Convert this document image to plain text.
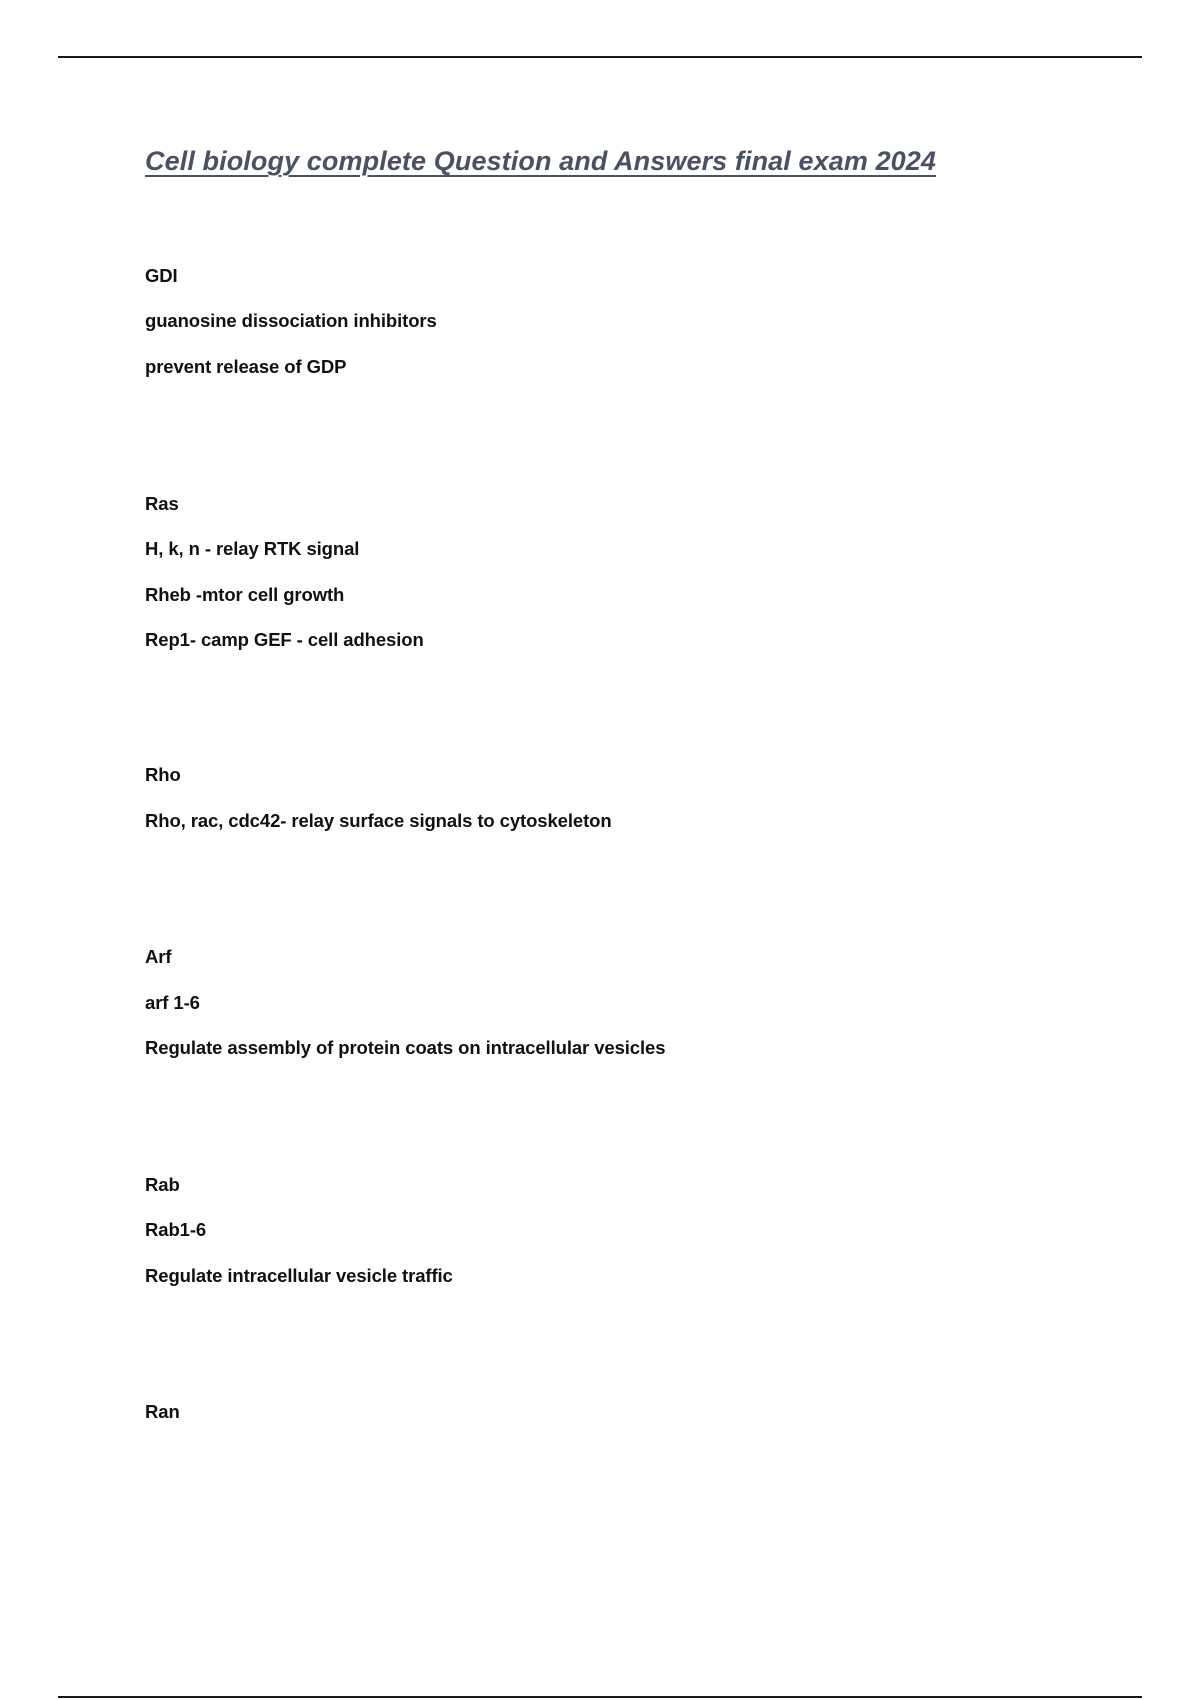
Cell biology complete Question and Answers final exam 2024

GDI

guanosine dissociation inhibitors

prevent release of GDP

Ras

H, k, n - relay RTK signal

Rheb -mtor cell growth

Rep1- camp GEF - cell adhesion

Rho

Rho, rac, cdc42- relay surface signals to cytoskeleton

Arf

arf 1-6

Regulate assembly of protein coats on intracellular vesicles

Rab

Rab1-6

Regulate intracellular vesicle traffic

Ran
